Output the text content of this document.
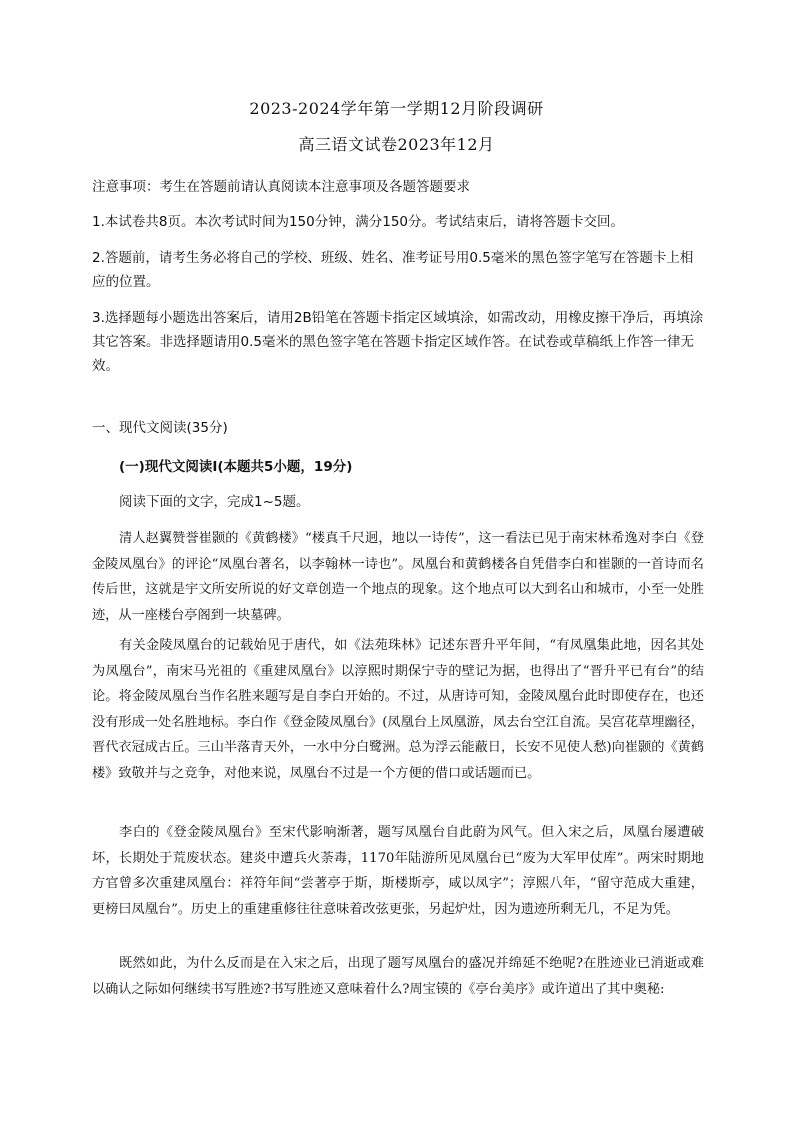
2023-2024学年第一学期12月阶段调研
高三语文试卷2023年12月
注意事项：考生在答题前请认真阅读本注意事项及各题答题要求
1.本试卷共8页。本次考试时间为150分钟，满分150分。考试结束后，请将答题卡交回。
2.答题前，请考生务必将自己的学校、班级、姓名、准考证号用0.5毫米的黑色签字笔写在答题卡上相应的位置。
3.选择题每小题选出答案后，请用2B铅笔在答题卡指定区域填涂，如需改动，用橡皮擦干净后，再填涂其它答案。非选择题请用0.5毫米的黑色签字笔在答题卡指定区域作答。在试卷或草稿纸上作答一律无效。
一、现代文阅读(35分)
(一)现代文阅读Ⅰ(本题共5小题，19分)
阅读下面的文字，完成1~5题。
清人赵翼赞誉崔颢的《黄鹤楼》“楼真千尺迥，地以一诗传”，这一看法已见于南宋林希逸对李白《登金陵凤凰台》的评论“凤凰台著名，以李翰林一诗也”。凤凰台和黄鹤楼各自凭借李白和崔颢的一首诗而名传后世，这就是宇文所安所说的好文章创造一个地点的现象。这个地点可以大到名山和城市，小至一处胜迹，从一座楼台亭阁到一块墓碑。
有关金陵凤凰台的记载始见于唐代，如《法苑珠林》记述东晋升平年间，“有凤凰集此地，因名其处为凤凰台”，南宋马光祖的《重建凤凰台》以淳熙时期保宁寺的壁记为据，也得出了“晋升平已有台”的结论。将金陵凤凰台当作名胜来题写是自李白开始的。不过，从唐诗可知，金陵凤凰台此时即使存在，也还没有形成一处名胜地标。李白作《登金陵凤凰台》(凤凰台上凤凰游，凤去台空江自流。吴宫花草埋幽径，晋代衣冠成古丘。三山半落青天外，一水中分白鹭洲。总为浮云能蔽日，长安不见使人愁)向崔颢的《黄鹤楼》致敬并与之竞争，对他来说，凤凰台不过是一个方便的借口或话题而已。
李白的《登金陵凤凰台》至宋代影响渐著，题写凤凰台自此蔚为风气。但入宋之后，凤凰台屡遭破坏，长期处于荒废状态。建炎中遭兵火荼毒，1170年陆游所见凤凰台已“废为大军甲仗库”。两宋时期地方官曾多次重建凤凰台：祥符年间“尝著亭于斯，斯楼斯亭，咸以凤字”；淳熙八年，“留守范成大重建，更榜曰凤凰台”。历史上的重建重修往往意味着改弦更张，另起炉灶，因为遗迹所剩无几，不足为凭。
既然如此，为什么反而是在入宋之后，出现了题写凤凰台的盛况并绵延不绝呢?在胜迹业已消逝或难以确认之际如何继续书写胜迹?书写胜迹又意味着什么?周宝镆的《亭台美序》或许道出了其中奥秘:
